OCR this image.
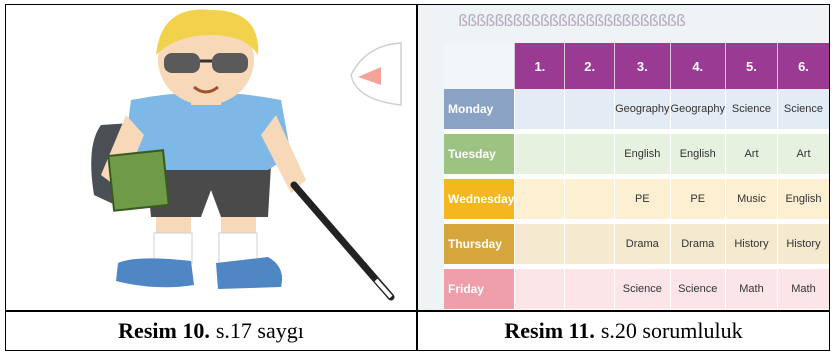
ßßßßßßßßßßßßßßßßßßßßßßßßß
	1.	2.	3.	4.	5.	6.
Monday			Geography	Geography	Science	Science
Tuesday			English	English	Art	Art
Wednesday			PE	PE	Music	English
Thursday			Drama	Drama	History	History
Friday			Science	Science	Math	Math
Resim 10. s.17 saygı	Resim 11. s.20 sorumluluk
